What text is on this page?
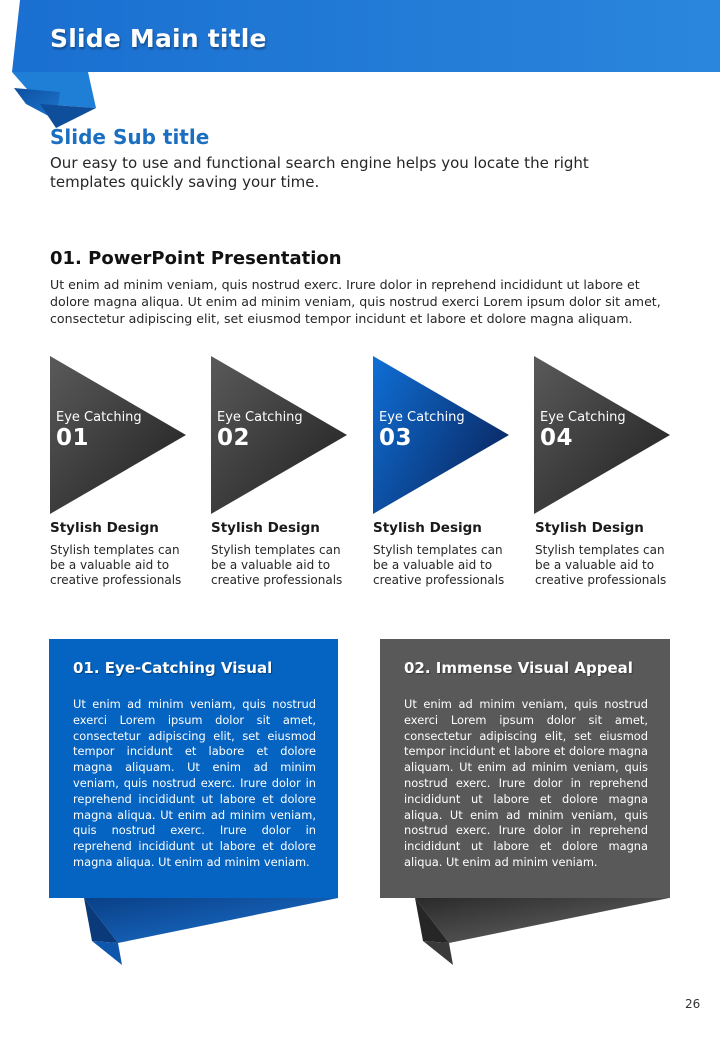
Slide Main title
Slide Sub title

Our easy to use and functional search engine helps you locate the right templates quickly saving your time.

01. PowerPoint Presentation

Ut enim ad minim veniam, quis nostrud exerc. Irure dolor in reprehend incididunt ut labore et dolore magna aliqua. Ut enim ad minim veniam, quis nostrud exerci Lorem ipsum dolor sit amet, consectetur adipiscing elit, set eiusmod tempor incidunt et labore et dolore magna aliquam.

Eye Catching
01
Eye Catching
02
Eye Catching
03
Eye Catching
04
Stylish Design
Stylish templates can be a valuable aid to creative professionals
Stylish Design
Stylish templates can be a valuable aid to creative professionals
Stylish Design
Stylish templates can be a valuable aid to creative professionals
Stylish Design
Stylish templates can be a valuable aid to creative professionals
01. Eye-Catching Visual

Ut enim ad minim veniam, quis nostrud exerci Lorem ipsum dolor sit amet, consectetur adipiscing elit, set eiusmod tempor incidunt et labore et dolore magna aliquam. Ut enim ad minim veniam, quis nostrud exerc. Irure dolor in reprehend incididunt ut labore et dolore magna aliqua. Ut enim ad minim veniam, quis nostrud exerc. Irure dolor in reprehend incididunt ut labore et dolore magna aliqua. Ut enim ad minim veniam.

02. Immense Visual Appeal

Ut enim ad minim veniam, quis nostrud exerci Lorem ipsum dolor sit amet, consectetur adipiscing elit, set eiusmod tempor incidunt et labore et dolore magna aliquam. Ut enim ad minim veniam, quis nostrud exerc. Irure dolor in reprehend incididunt ut labore et dolore magna aliqua. Ut enim ad minim veniam, quis nostrud exerc. Irure dolor in reprehend incididunt ut labore et dolore magna aliqua. Ut enim ad minim veniam.

26
